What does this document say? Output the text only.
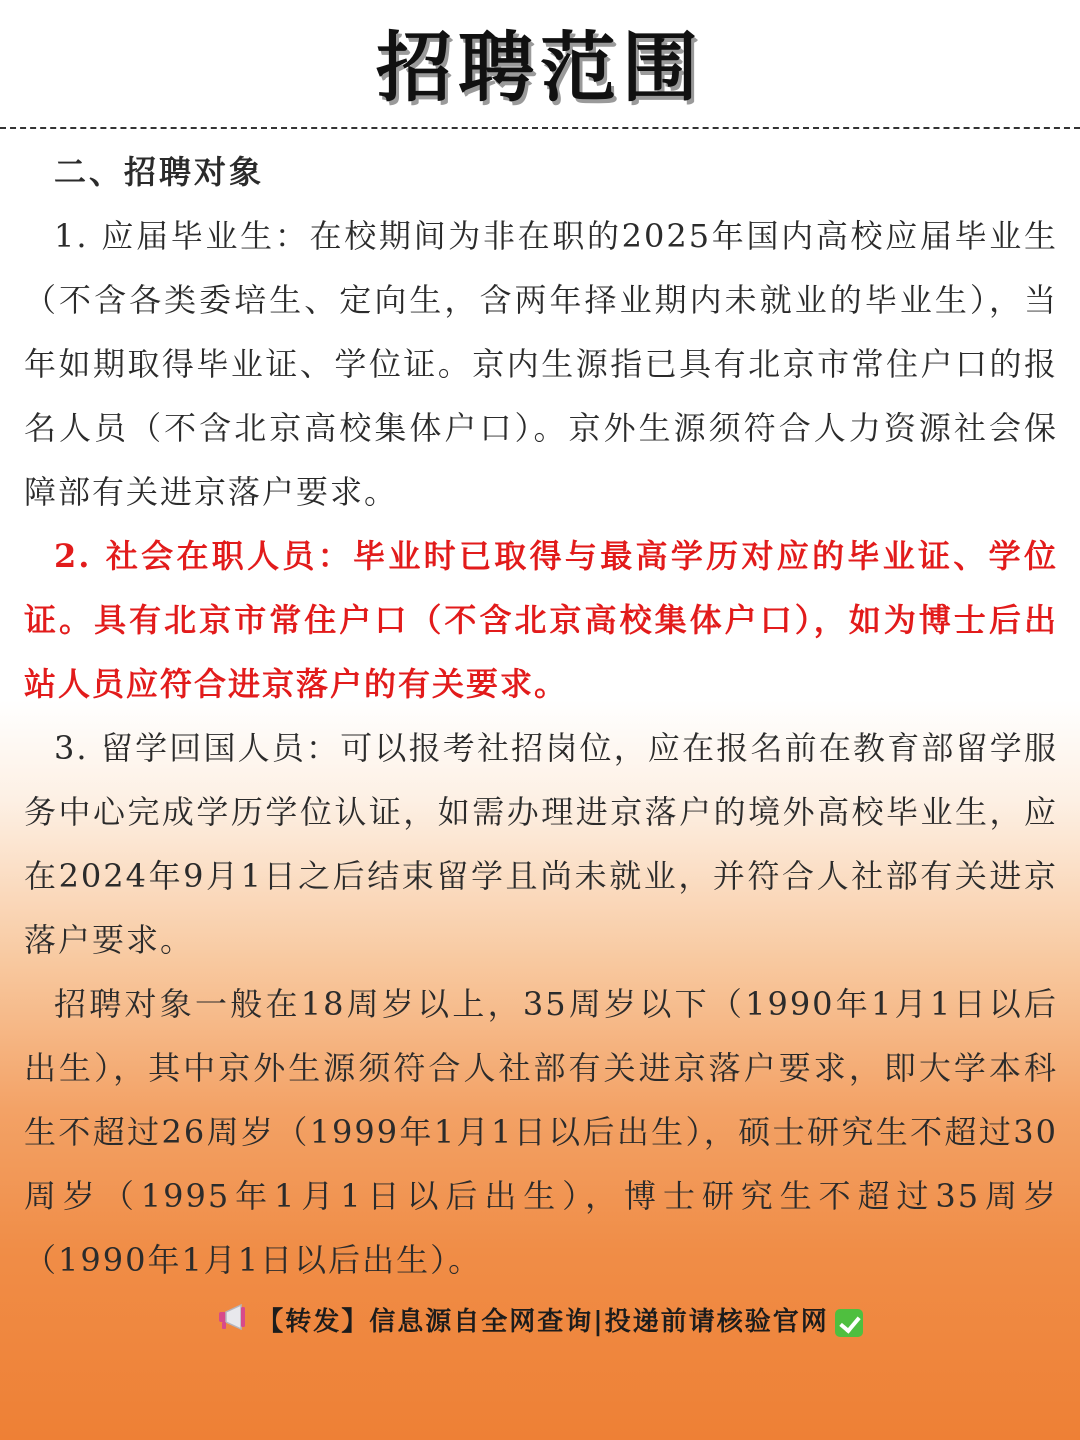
招聘范围

二、招聘对象

1. 应届毕业生：在校期间为非在职的2025年国内高校应届毕业生（不含各类委培生、定向生，含两年择业期内未就业的毕业生），当年如期取得毕业证、学位证。京内生源指已具有北京市常住户口的报名人员（不含北京高校集体户口）。京外生源须符合人力资源社会保障部有关进京落户要求。

2. 社会在职人员：毕业时已取得与最高学历对应的毕业证、学位证。具有北京市常住户口（不含北京高校集体户口），如为博士后出站人员应符合进京落户的有关要求。

3. 留学回国人员：可以报考社招岗位，应在报名前在教育部留学服务中心完成学历学位认证，如需办理进京落户的境外高校毕业生，应在2024年9月1日之后结束留学且尚未就业，并符合人社部有关进京落户要求。

招聘对象一般在18周岁以上，35周岁以下（1990年1月1日以后出生），其中京外生源须符合人社部有关进京落户要求，即大学本科生不超过26周岁（1999年1月1日以后出生），硕士研究生不超过30周岁（1995年1月1日以后出生），博士研究生不超过35周岁（1990年1月1日以后出生）。

【转发】信息源自全网查询|投递前请核验官网
